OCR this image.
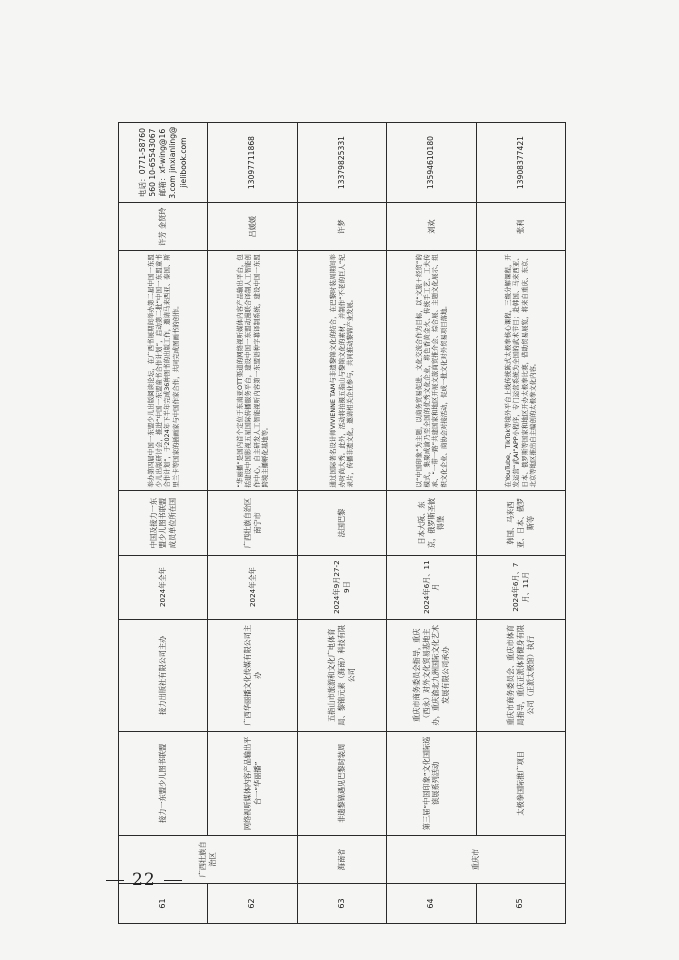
61	广西壮族自治区	接力一东盟少儿图书联盟	接力出版社有限公司主办	2024年全年	中国及接力一东盟少儿图书联盟成员单位所在国	举办第四届中国一东盟少儿出版阅读论坛，在广西书展期间举办第二届中国一东盟少儿出版研讨会，推进“中国一东盟童书合作计划”，启动第二批“中国一东盟童书合作计划”，于2024年下半年完成36种图书的出版工作，邀请马来西亚、泰国、斯里兰卡等国家的插画家与中国作家合作，共同完成图画书的创作。	许芳 金贤玲	电话：0771-58760560 10-65543067 邮箱：xf-wing@163.com jinxianling@jielibook.com
62		网络视听媒体内容产品输出平台一“华丽播”	广西华丽播文化传媒有限公司主办	2024年全年	广西壮族自治区南宁市	“华丽播”是国内首个定位于东南亚OTT渠道的网络视听媒体内容产品输出平台，包括建设中国影视五星国际传播服务平台，建设中国一东盟动漫联合译制人工智能创作中心，自主研发人工智能视听内容第一东盟语种字幕译制系统，建设中国一东盟跨境主播孵化基地等。	吕媛媛	13097711868
63	海南省	非遗黎锦遇见巴黎时装周	五指山市旅游和文化广电体育局、黎锦元素（海南）科技有限公司	2024年9月27-29日	法国巴黎	通过国际著名设计师VIVIENNE TAM与非遗黎锦文化的结合，在巴黎时装周期间举办时尚大秀。此外，活动将拍摄五指山与黎锦文化的素材，并制作“不老的巨人”纪录片，传播非遗文化，邀请相关企业参与，共同推动黎锦产业发展。	许梦	13379825331
64	重庆市	第三届“中国印象”文化国际巡演展系列活动	重庆市商务委员会指导，重庆（西永）对外文化贸易基地主办，重庆渝北九洲国际文化艺术发展有限公司承办	2024年6月、11月	日本大阪、东京，俄罗斯圣彼得堡	以“中国印象”为主题，以商务贸易促进、文化交流合作为目标，以“文旅＋经贸”的模式，集聚成渝乃至全国的优秀文化企业，将色香黄金火、传统手工艺、工夫传承、“一带一路”共建国家和地区开展文旅商贸推介会、综合展、主题文化展示、组织文化企业、商协会对接活动，促成一批文化对外贸易项目落地。	刘欢	13594610180
65		太极拳国际推广项目	重庆市商务委员会、重庆市体育局指导，重庆正派体育健身有限公司（正派太极馆）执行	2024年6月、7月、11月	韩国、马来西亚、日本、俄罗斯等	在YouTube、TikTok等境外平台上线传统陈式太极拳核心课程，三级分解课程，开发运营“武AI”APP小程序，专门运营系统为全国的武术节目；赴韩国、马来西亚、日本、俄罗斯等国家和地区开办太极拳比赛，借助贸易展览，将来自重庆、东京、北京等地区推出自主编创的太极拳文化内容。	张利	13908377421
22
